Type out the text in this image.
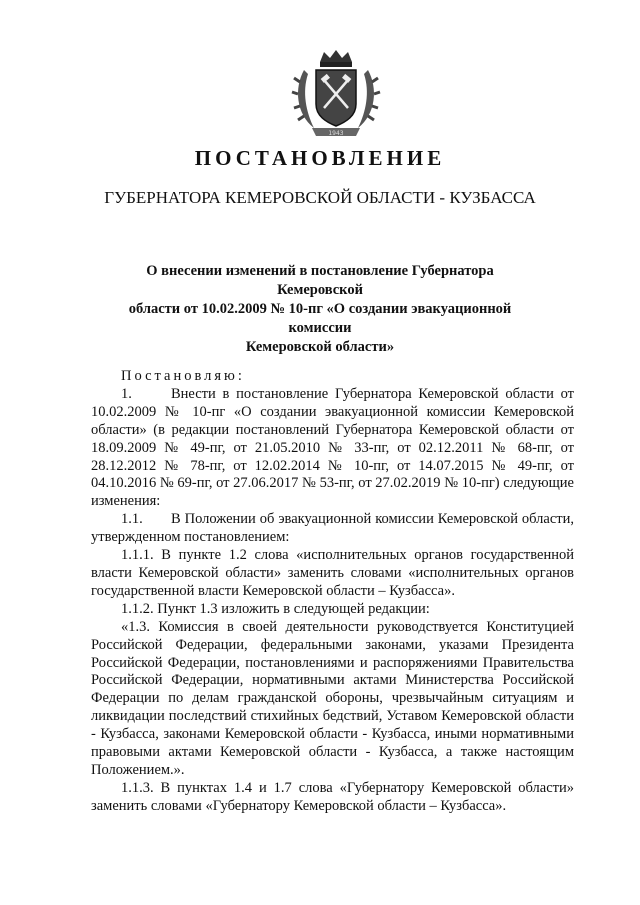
1943
ПОСТАНОВЛЕНИЕ
ГУБЕРНАТОРА КЕМЕРОВСКОЙ ОБЛАСТИ - КУЗБАССА
О внесении изменений в постановление Губернатора Кемеровской
области от 10.02.2009 № 10-пг «О создании эвакуационной комиссии
Кемеровской области»

Постановляю:

1.	Внести в постановление Губернатора Кемеровской области от 10.02.2009 № 10-пг «О создании эвакуационной комиссии Кемеровской области» (в редакции постановлений Губернатора Кемеровской области от 18.09.2009 № 49-пг, от 21.05.2010 № 33-пг, от 02.12.2011 № 68-пг, от 28.12.2012 № 78-пг, от 12.02.2014 № 10-пг, от 14.07.2015 № 49-пг, от 04.10.2016 № 69-пг, от 27.06.2017 № 53-пг, от 27.02.2019 № 10-пг) следующие изменения:

1.1. В Положении об эвакуационной комиссии Кемеровской области, утвержденном постановлением:

1.1.1. В пункте 1.2 слова «исполнительных органов государственной власти Кемеровской области» заменить словами «исполнительных органов государственной власти Кемеровской области – Кузбасса».

1.1.2. Пункт 1.3 изложить в следующей редакции:

«1.3. Комиссия в своей деятельности руководствуется Конституцией Российской Федерации, федеральными законами, указами Президента Российской Федерации, постановлениями и распоряжениями Правительства Российской Федерации, нормативными актами Министерства Российской Федерации по делам гражданской обороны, чрезвычайным ситуациям и ликвидации последствий стихийных бедствий, Уставом Кемеровской области - Кузбасса, законами Кемеровской области - Кузбасса, иными нормативными правовыми актами Кемеровской области - Кузбасса, а также настоящим Положением.».

1.1.3. В пунктах 1.4 и 1.7 слова «Губернатору Кемеровской области» заменить словами «Губернатору Кемеровской области – Кузбасса».
